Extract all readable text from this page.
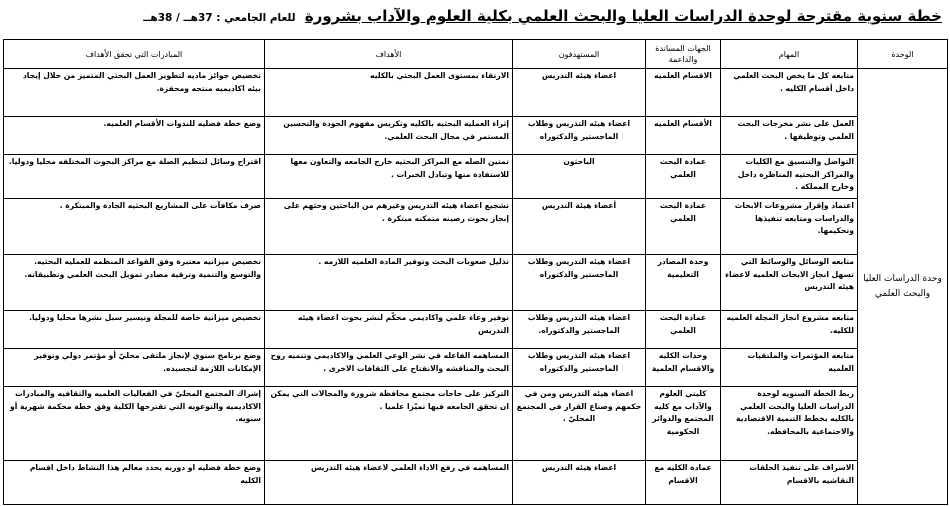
خطة سنوية مقترحة لوحدة الدراسات العليا والبحث العلمي بكلية العلوم والآداب بشرورة للعام الجامعي : 37هــ / 38هــ
الوحدة	المهام	الجهات المساندة والداعمة	المستهدفون	الأهداف	المبادرات التي تحقق الأهداف
وحدة الدراسات العليا والبحث العلمي	متابعه كل ما يخص البحث العلمي داخل أقسام الكليه .	الاقسام العلميه	اعضاء هيئه التدريس	الارتقاء بمستوى العمل البحثي بالكليه	تخصيص جوائز ماديه لتطوير العمل البحثي المتميز من خلال إيجاد بيئه اكاديميه منتجه ومحفزة.
	العمل على نشر مخرجات البحث العلمي وتوظيفها .	الأقسام العلميه	اعضاء هيئه التدريس وطلاب الماجستير والدكتوراه	إثراء العمليه البحثيه بالكليه وتكريس مفهوم الجودة والتحسين المستمر في مجال البحث العلمي.	وضع خطة فصليه للندوات الأقسام العلميه.
	التواصل والتنسيق مع الكليات والمراكز البحثيه المناظرة داخل وخارج المملكه .	عمادة البحث العلمي	الباحثون	تمتين الصله مع المراكز البحثيه خارج الجامعه والتعاون معها للاستفادة منها وتبادل الخبرات .	اقتراح وسائل لتنظيم الصلة مع مراكز البحوث المختلفه محليا ودوليا.
	اعتماد وإقرار مشروعات الابحاث والدراسات ومتابعه تنفيذها وتحكيمها.	عمادة البحث العلمي	أعضاء هيئة التدريس	تشجيع اعضاء هيئه التدريس وغيرهم من الباحثين وحثهم على إنجاز بحوث رصينه متمكنه مبتكرة .	صرف مكافآت على المشاريع البحثيه الجادة والمبتكرة .
	متابعه الوسائل والوسائط التي تسهل انجاز الابحاث العلميه لاعضاء هيئه التدريس	وحدة المصادر التعليمية	اعضاء هيئه التدريس وطلاب الماجستير والدكتوراه	تذليل صعوبات البحث وتوفير المادة العلميه اللازمه .	تخصيص ميزانيه معتبرة وفق القواعد المنظمه للعمليه البحثيه. والتوسع والتنمية وترقية مصادر تمويل البحث العلمي وتطبيقاته.
	متابعه مشروع انجاز المجلة العلميه للكليه.	عمادة البحث العلمي	اعضاء هيئه التدريس وطلاب الماجستير والدكتوراه.	توفير وعاء علمي واكاديمي محكّم لنشر بحوث اعضاء هيئه التدريس	تخصيص ميزانية خاصة للمجلة وتيسير سبل نشرها محليا ودوليا.
	متابعه المؤتمرات والملتقيات العلميه	وحدات الكليه والاقسام العلمية	اعضاء هيئه التدريس وطلاب الماجستير والدكتوراه	المساهمه الفاعله في نشر الوعي العلمي والاكاديمي وتنميه روح البحث والمناقشه والانفتاح على الثقافات الاخرى .	وضع برنامج سنوي لإنجاز ملتقى محليّ أو مؤتمر دولي وتوفير الإمكانات اللازمة لتجسيده.
	ربط الخطة السنويه لوحدة الدراسات العليا والبحث العلمي بالكليه بخطط التنمية الاقتصادية والاجتماعية بالمحافظه.	كليتي العلوم والآداب مع كليه المجتمع والدوائر الحكومية	اعضاء هيئه التدريس ومن في حكمهم وصناع القرار في المجتمع المحليّ .	التركيز على حاجات مجتمع محافظة شرورة والمجالات التي يمكن ان تحقق الجامعه فيها تميّزا علميا .	إشراك المجتمع المحليّ في الفعاليات العلميه والثقافيه والمبادرات الاكاديميه والتوعويه التي تقترحها الكلية وفق خطة محكمة شهرية أو سنويه.
	الاسراف على تنفيذ الحلقات النقاشيه بالاقسام	عمادة الكليه مع الاقسام	اعضاء هيئه التدريس	المساهمه في رفع الاداء العلمي لاعضاء هيئه التدريس	وضع خطة فصليه او دوريه يحدد معالم هذا النشاط داخل اقسام الكليه
